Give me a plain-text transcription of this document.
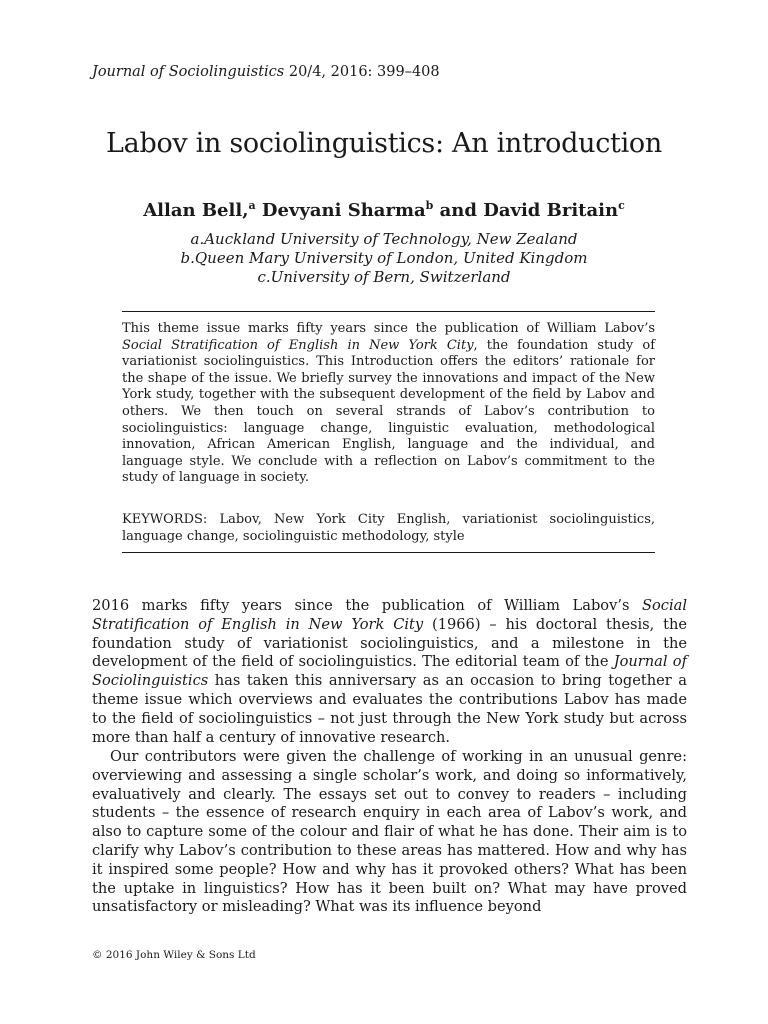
Journal of Sociolinguistics 20/4, 2016: 399–408
Labov in sociolinguistics: An introduction
Allan Bell,$^a$ Devyani Sharma$^b$ and David Britain$^c$
a.Auckland University of Technology, New Zealand
b.Queen Mary University of London, United Kingdom
c.University of Bern, Switzerland

This theme issue marks fifty years since the publication of William Labov’s Social Stratification of English in New York City, the foundation study of variationist sociolinguistics. This Introduction offers the editors’ rationale for the shape of the issue. We briefly survey the innovations and impact of the New York study, together with the subsequent development of the field by Labov and others. We then touch on several strands of Labov’s contribution to sociolinguistics: language change, linguistic evaluation, methodological innovation, African American English, language and the individual, and language style. We conclude with a reflection on Labov’s commitment to the study of language in society.

KEYWORDS: Labov, New York City English, variationist sociolinguistics, language change, sociolinguistic methodology, style

2016 marks fifty years since the publication of William Labov’s Social Stratification of English in New York City (1966) – his doctoral thesis, the foundation study of variationist sociolinguistics, and a milestone in the development of the field of sociolinguistics. The editorial team of the Journal of Sociolinguistics has taken this anniversary as an occasion to bring together a theme issue which overviews and evaluates the contributions Labov has made to the field of sociolinguistics – not just through the New York study but across more than half a century of innovative research.

Our contributors were given the challenge of working in an unusual genre: overviewing and assessing a single scholar’s work, and doing so informatively, evaluatively and clearly. The essays set out to convey to readers – including students – the essence of research enquiry in each area of Labov’s work, and also to capture some of the colour and flair of what he has done. Their aim is to clarify why Labov’s contribution to these areas has mattered. How and why has it inspired some people? How and why has it provoked others? What has been the uptake in linguistics? How has it been built on? What may have proved unsatisfactory or misleading? What was its influence beyond

© 2016 John Wiley & Sons Ltd
